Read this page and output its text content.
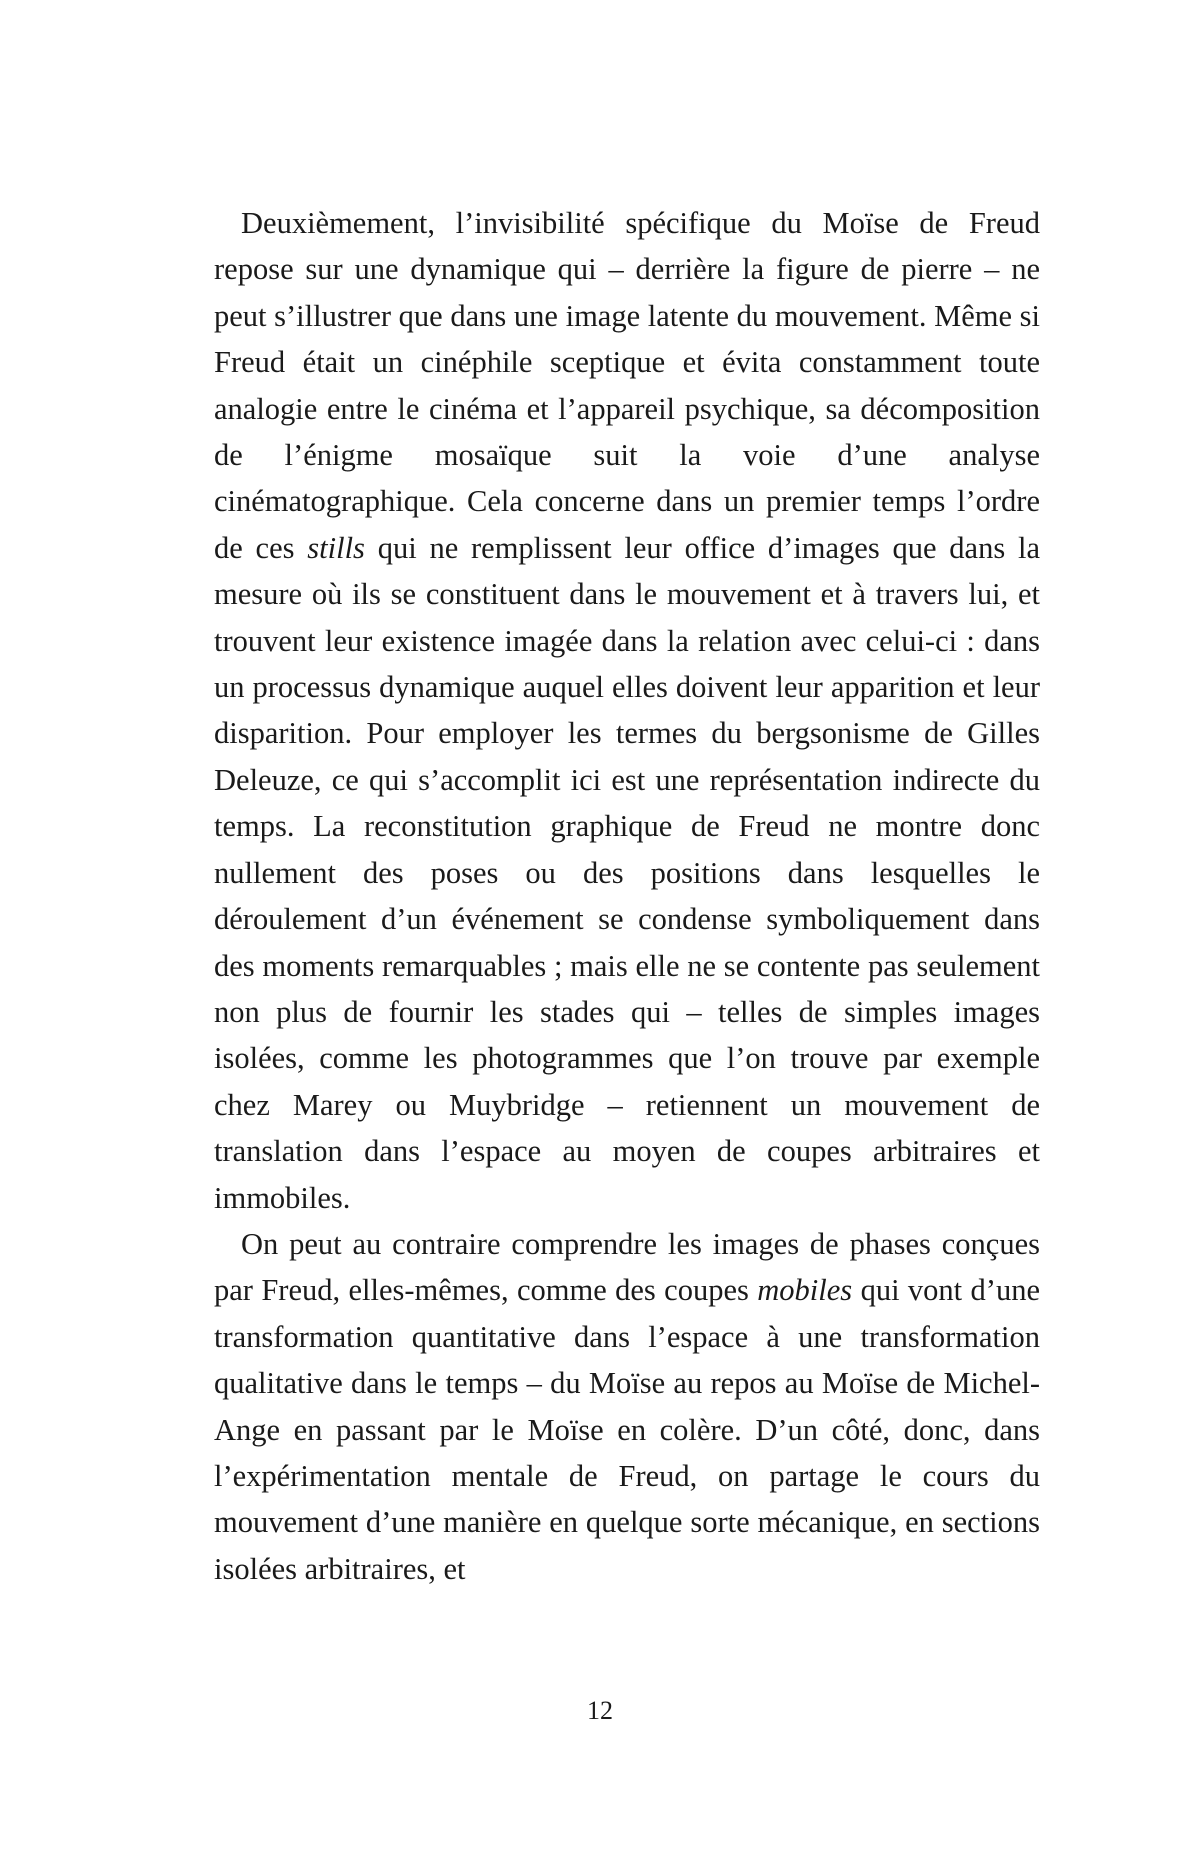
Deuxièmement, l’invisibilité spécifique du Moïse de Freud repose sur une dynamique qui – derrière la figure de pierre – ne peut s’illustrer que dans une image latente du mouvement. Même si Freud était un cinéphile sceptique et évita constamment toute analogie entre le cinéma et l’appareil psychique, sa décomposition de l’énigme mosaïque suit la voie d’une analyse cinématographique. Cela concerne dans un premier temps l’ordre de ces stills qui ne remplissent leur office d’images que dans la mesure où ils se constituent dans le mouvement et à travers lui, et trouvent leur existence imagée dans la relation avec celui-ci : dans un processus dynamique auquel elles doivent leur apparition et leur disparition. Pour employer les termes du bergsonisme de Gilles Deleuze, ce qui s’accomplit ici est une représentation indirecte du temps. La reconstitution graphique de Freud ne montre donc nullement des poses ou des positions dans lesquelles le déroulement d’un événement se condense symboliquement dans des moments remarquables ; mais elle ne se contente pas seulement non plus de fournir les stades qui – telles de simples images isolées, comme les photogrammes que l’on trouve par exemple chez Marey ou Muybridge – retiennent un mouvement de translation dans l’espace au moyen de coupes arbitraires et immobiles.

On peut au contraire comprendre les images de phases conçues par Freud, elles-mêmes, comme des coupes mobiles qui vont d’une transformation quantitative dans l’espace à une transformation qualitative dans le temps – du Moïse au repos au Moïse de Michel-Ange en passant par le Moïse en colère. D’un côté, donc, dans l’expérimentation mentale de Freud, on partage le cours du mouvement d’une manière en quelque sorte mécanique, en sections isolées arbitraires, et

12
